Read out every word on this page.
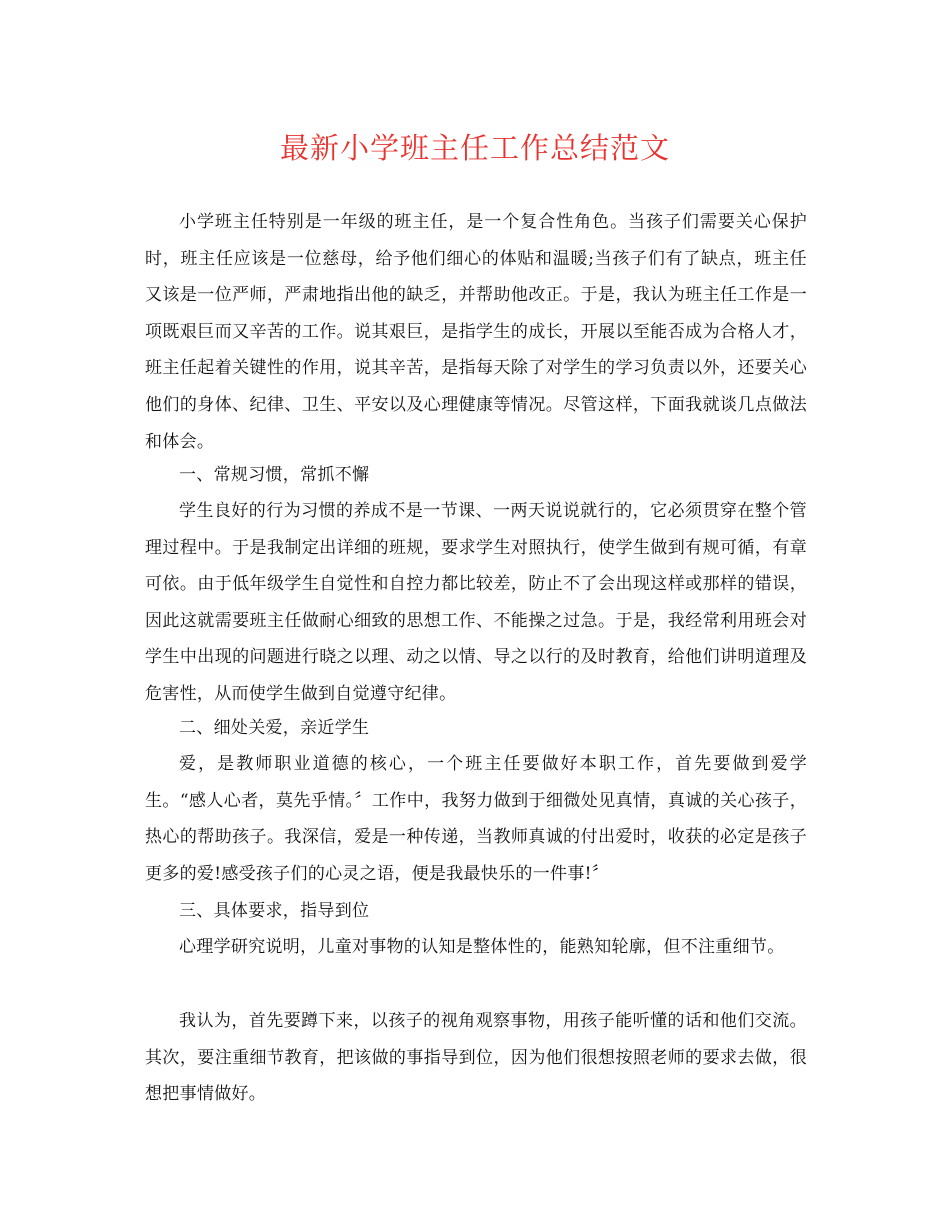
最新小学班主任工作总结范文

小学班主任特别是一年级的班主任，是一个复合性角色。当孩子们需要关心保护时，班主任应该是一位慈母，给予他们细心的体贴和温暖;当孩子们有了缺点，班主任又该是一位严师，严肃地指出他的缺乏，并帮助他改正。于是，我认为班主任工作是一项既艰巨而又辛苦的工作。说其艰巨，是指学生的成长，开展以至能否成为合格人才，班主任起着关键性的作用，说其辛苦，是指每天除了对学生的学习负责以外，还要关心他们的身体、纪律、卫生、平安以及心理健康等情况。尽管这样，下面我就谈几点做法和体会。

一、常规习惯，常抓不懈

学生良好的行为习惯的养成不是一节课、一两天说说就行的，它必须贯穿在整个管理过程中。于是我制定出详细的班规，要求学生对照执行，使学生做到有规可循，有章可依。由于低年级学生自觉性和自控力都比较差，防止不了会出现这样或那样的错误，因此这就需要班主任做耐心细致的思想工作、不能操之过急。于是，我经常利用班会对学生中出现的问题进行晓之以理、动之以情、导之以行的及时教育，给他们讲明道理及危害性，从而使学生做到自觉遵守纪律。

二、细处关爱，亲近学生

爱，是教师职业道德的核心，一个班主任要做好本职工作，首先要做到爱学生。“感人心者，莫先乎情。〞工作中，我努力做到于细微处见真情，真诚的关心孩子，热心的帮助孩子。我深信，爱是一种传递，当教师真诚的付出爱时，收获的必定是孩子更多的爱!感受孩子们的心灵之语，便是我最快乐的一件事!〞

三、具体要求，指导到位

心理学研究说明，儿童对事物的认知是整体性的，能熟知轮廓，但不注重细节。

我认为，首先要蹲下来，以孩子的视角观察事物，用孩子能听懂的话和他们交流。其次，要注重细节教育，把该做的事指导到位，因为他们很想按照老师的要求去做，很想把事情做好。
